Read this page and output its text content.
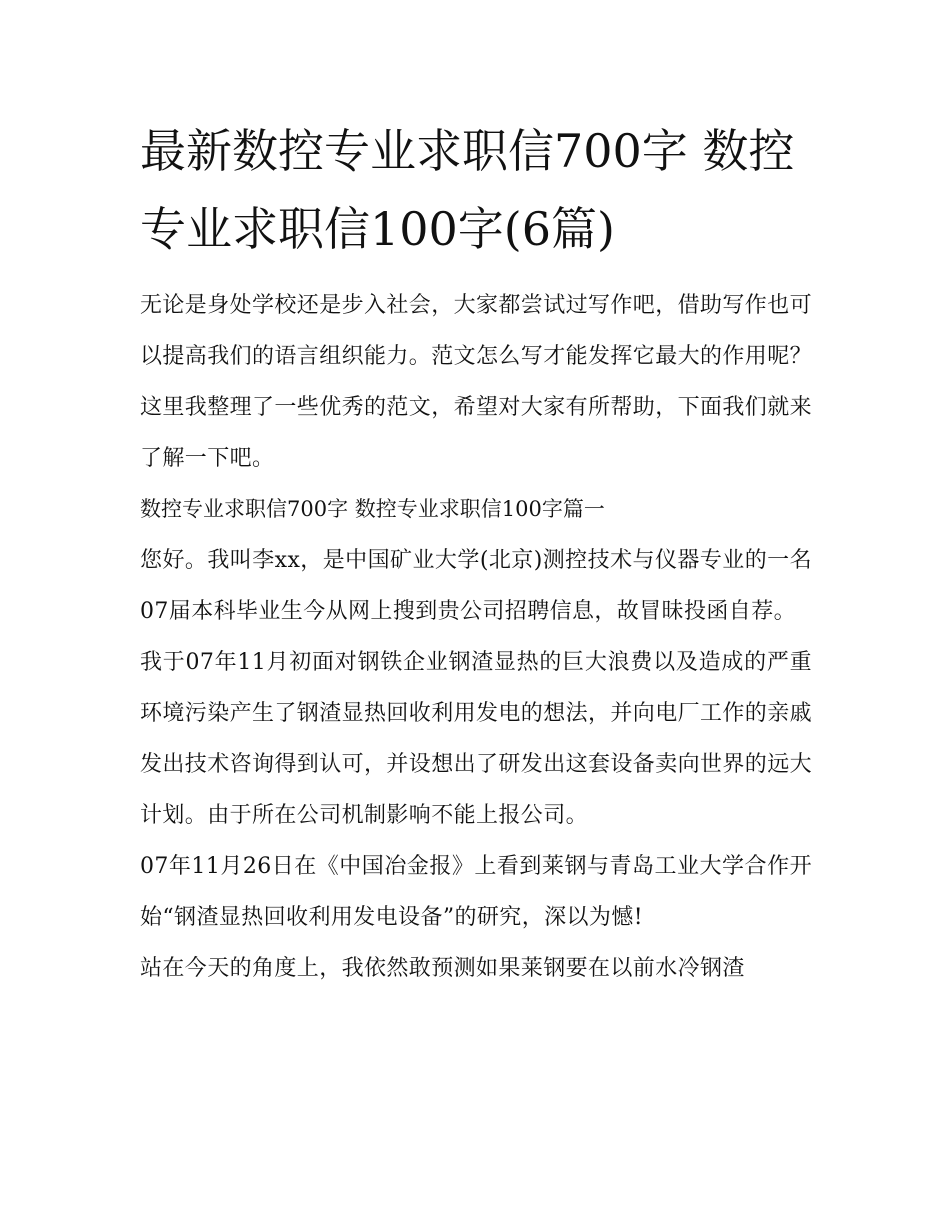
最新数控专业求职信700字 数控专业求职信100字(6篇)

无论是身处学校还是步入社会，大家都尝试过写作吧，借助写作也可以提高我们的语言组织能力。范文怎么写才能发挥它最大的作用呢？这里我整理了一些优秀的范文，希望对大家有所帮助，下面我们就来了解一下吧。

数控专业求职信700字 数控专业求职信100字篇一

您好。我叫李xx，是中国矿业大学(北京)测控技术与仪器专业的一名07届本科毕业生今从网上搜到贵公司招聘信息，故冒昧投函自荐。

我于07年11月初面对钢铁企业钢渣显热的巨大浪费以及造成的严重环境污染产生了钢渣显热回收利用发电的想法，并向电厂工作的亲戚发出技术咨询得到认可，并设想出了研发出这套设备卖向世界的远大计划。由于所在公司机制影响不能上报公司。

07年11月26日在《中国冶金报》上看到莱钢与青岛工业大学合作开始“钢渣显热回收利用发电设备”的研究，深以为憾!

站在今天的角度上，我依然敢预测如果莱钢要在以前水冷钢渣
